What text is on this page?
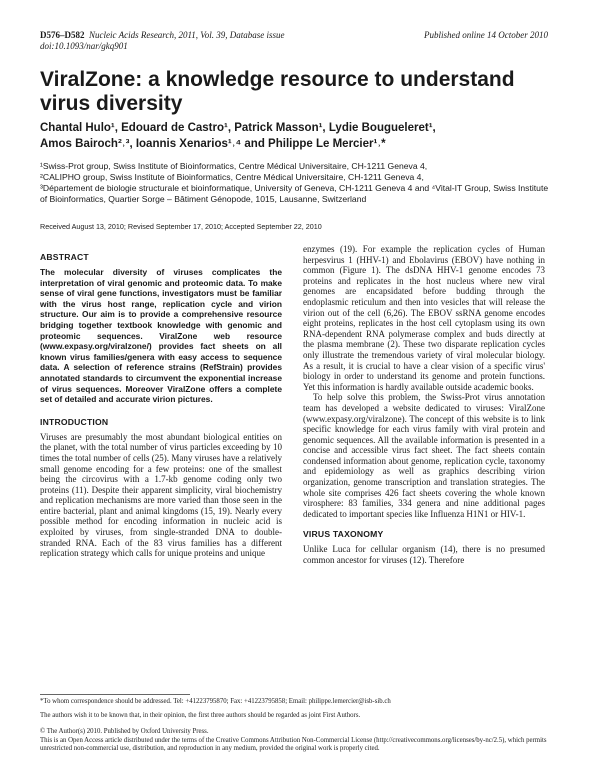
D576–D582 Nucleic Acids Research, 2011, Vol. 39, Database issue
doi:10.1093/nar/gkq901
Published online 14 October 2010
ViralZone: a knowledge resource to understand virus diversity
Chantal Hulo¹, Edouard de Castro¹, Patrick Masson¹, Lydie Bougueleret¹,
Amos Bairoch²˒³, Ioannis Xenarios¹˒⁴ and Philippe Le Mercier¹˒*
¹Swiss-Prot group, Swiss Institute of Bioinformatics, Centre Médical Universitaire, CH-1211 Geneva 4,
²CALIPHO group, Swiss Institute of Bioinformatics, Centre Médical Universitaire, CH-1211 Geneva 4,
³Département de biologie structurale et bioinformatique, University of Geneva, CH-1211 Geneva 4 and ⁴Vital-IT Group, Swiss Institute of Bioinformatics, Quartier Sorge – Bâtiment Génopode, 1015, Lausanne, Switzerland
Received August 13, 2010; Revised September 17, 2010; Accepted September 22, 2010
ABSTRACT

The molecular diversity of viruses complicates the interpretation of viral genomic and proteomic data. To make sense of viral gene functions, investigators must be familiar with the virus host range, replication cycle and virion structure. Our aim is to provide a comprehensive resource bridging together textbook knowledge with genomic and proteomic sequences. ViralZone web resource (www.expasy.org/viralzone/) provides fact sheets on all known virus families/genera with easy access to sequence data. A selection of reference strains (RefStrain) provides annotated standards to circumvent the exponential increase of virus sequences. Moreover ViralZone offers a complete set of detailed and accurate virion pictures.

INTRODUCTION

Viruses are presumably the most abundant biological entities on the planet, with the total number of virus particles exceeding by 10 times the total number of cells (25). Many viruses have a relatively small genome encoding for a few proteins: one of the smallest being the circovirus with a 1.7-kb genome coding only two proteins (11). Despite their apparent simplicity, viral biochemistry and replication mechanisms are more varied than those seen in the entire bacterial, plant and animal kingdoms (15, 19). Nearly every possible method for encoding information in nucleic acid is exploited by viruses, from single-stranded DNA to double-stranded RNA. Each of the 83 virus families has a different replication strategy which calls for unique proteins and unique

enzymes (19). For example the replication cycles of Human herpesvirus 1 (HHV-1) and Ebolavirus (EBOV) have nothing in common (Figure 1). The dsDNA HHV-1 genome encodes 73 proteins and replicates in the host nucleus where new viral genomes are encapsidated before budding through the endoplasmic reticulum and then into vesicles that will release the virion out of the cell (6,26). The EBOV ssRNA genome encodes eight proteins, replicates in the host cell cytoplasm using its own RNA-dependent RNA polymerase complex and buds directly at the plasma membrane (2). These two disparate replication cycles only illustrate the tremendous variety of viral molecular biology. As a result, it is crucial to have a clear vision of a specific virus' biology in order to understand its genome and protein functions. Yet this information is hardly available outside academic books.

To help solve this problem, the Swiss-Prot virus annotation team has developed a website dedicated to viruses: ViralZone (www.expasy.org/viralzone). The concept of this website is to link specific knowledge for each virus family with viral protein and genomic sequences. All the available information is presented in a concise and accessible virus fact sheet. The fact sheets contain condensed information about genome, replication cycle, taxonomy and epidemiology as well as graphics describing virion organization, genome transcription and translation strategies. The whole site comprises 426 fact sheets covering the whole known virosphere: 83 families, 334 genera and nine additional pages dedicated to important species like Influenza H1N1 or HIV-1.

VIRUS TAXONOMY

Unlike Luca for cellular organism (14), there is no presumed common ancestor for viruses (12). Therefore

*To whom correspondence should be addressed. Tel: +41223795870; Fax: +41223795858; Email: philippe.lemercier@isb-sib.ch
The authors wish it to be known that, in their opinion, the first three authors should be regarded as joint First Authors.
© The Author(s) 2010. Published by Oxford University Press.
This is an Open Access article distributed under the terms of the Creative Commons Attribution Non-Commercial License (http://creativecommons.org/licenses/by-nc/2.5), which permits unrestricted non-commercial use, distribution, and reproduction in any medium, provided the original work is properly cited.
